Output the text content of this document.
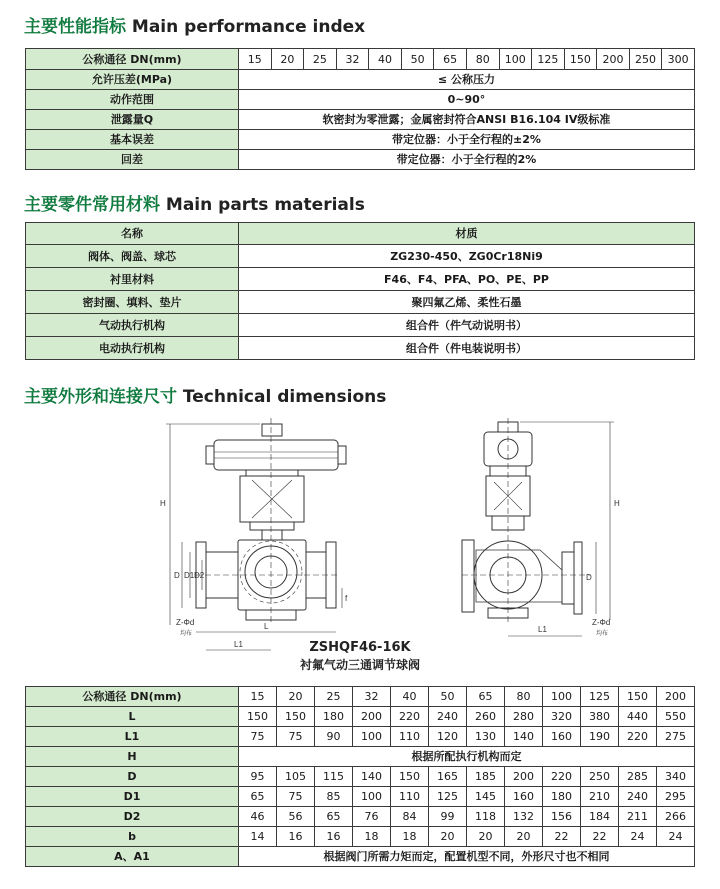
主要性能指标 Main performance index
公称通径 DN(mm)	15	20	25	32	40	50	65	80	100	125	150	200	250	300
允许压差(MPa)	≤ 公称压力													
动作范围	0~90°													
泄露量Q	软密封为零泄露；金属密封符合ANSI B16.104 IV级标准													
基本误差	带定位器：小于全行程的±2%													
回差	带定位器：小于全行程的2%													
主要零件常用材料 Main parts materials
名称	材质
阀体、阀盖、球芯	ZG230-450、ZG0Cr18Ni9
衬里材料	F46、F4、PFA、PO、PE、PP
密封圈、填料、垫片	聚四氟乙烯、柔性石墨
气动执行机构	组合件（件气动说明书）
电动执行机构	组合件（件电装说明书）
主要外形和连接尺寸 Technical dimensions
H
D D1 D2
L
L1
f
Z-Φd
均布
H
D
L1
Z-Φd
均布
ZSHQF46-16K
衬氟气动三通调节球阀
公称通径 DN(mm)	15	20	25	32	40	50	65	80	100	125	150	200
L	150	150	180	200	220	240	260	280	320	380	440	550
L1	75	75	90	100	110	120	130	140	160	190	220	275
H	根据所配执行机构而定											
D	95	105	115	140	150	165	185	200	220	250	285	340
D1	65	75	85	100	110	125	145	160	180	210	240	295
D2	46	56	65	76	84	99	118	132	156	184	211	266
b	14	16	16	18	18	20	20	20	22	22	24	24
A、A1	根据阀门所需力矩而定，配置机型不同，外形尺寸也不相同											
